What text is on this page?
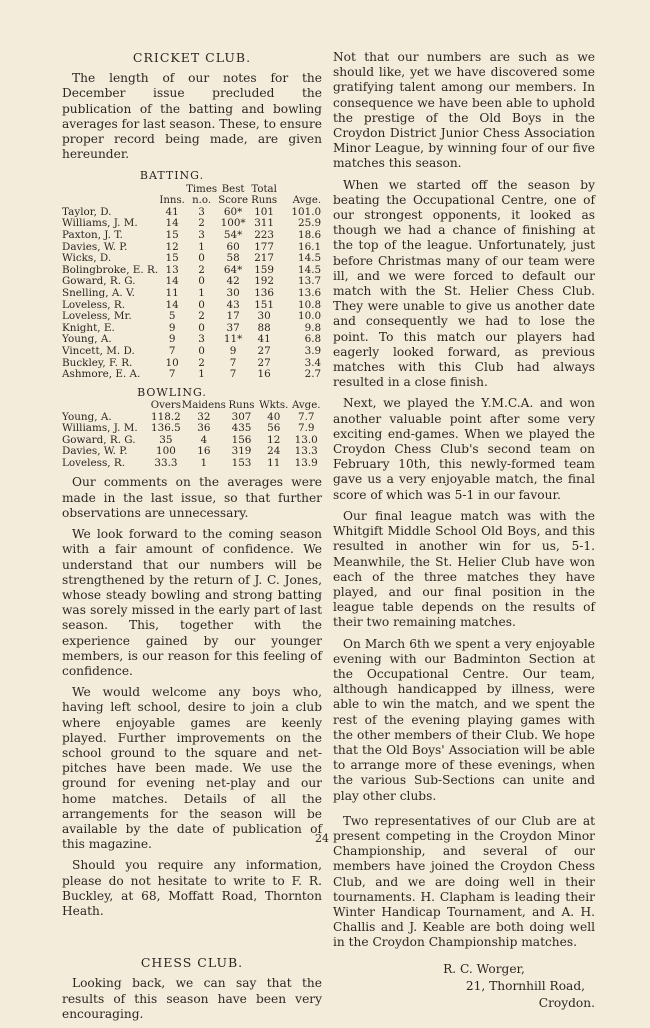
CRICKET CLUB.
The length of our notes for the December issue precluded the publication of the batting and bowling averages for last season. These, to ensure proper record being made, are given hereunder.
BATTING.
		Times	Best	Total	
	Inns.	n.o.	Score	Runs	Avge.
Taylor, D.	41	3	60*	101	101.0
Williams, J. M.	14	2	100*	311	25.9
Paxton, J. T.	15	3	54*	223	18.6
Davies, W. P.	12	1	60	177	16.1
Wicks, D.	15	0	58	217	14.5
Bolingbroke, E. R.	13	2	64*	159	14.5
Goward, R. G.	14	0	42	192	13.7
Snelling, A. V.	11	1	30	136	13.6
Loveless, R.	14	0	43	151	10.8
Loveless, Mr.	5	2	17	30	10.0
Knight, E.	9	0	37	88	9.8
Young, A.	9	3	11*	41	6.8
Vincett, M. D.	7	0	9	27	3.9
Buckley, F. R.	10	2	7	27	3.4
Ashmore, E. A.	7	1	7	16	2.7
BOWLING.
	Overs	Maidens	Runs	Wkts.	Avge.
Young, A.	118.2	32	307	40	7.7
Williams, J. M.	136.5	36	435	56	7.9
Goward, R. G.	35	4	156	12	13.0
Davies, W. P.	100	16	319	24	13.3
Loveless, R.	33.3	1	153	11	13.9
Our comments on the averages were made in the last issue, so that further observations are unnecessary.
We look forward to the coming season with a fair amount of confidence. We understand that our numbers will be strengthened by the return of J. C. Jones, whose steady bowling and strong batting was sorely missed in the early part of last season. This, together with the experience gained by our younger members, is our reason for this feeling of confidence.
We would welcome any boys who, having left school, desire to join a club where enjoyable games are keenly played. Further improvements on the school ground to the square and net-pitches have been made. We use the ground for evening net-play and our home matches. Details of all the arrangements for the season will be available by the date of publication of this magazine.
Should you require any information, please do not hesitate to write to F. R. Buckley, at 68, Moffatt Road, Thornton Heath.
CHESS CLUB.
Looking back, we can say that the results of this season have been very encouraging.
Not that our numbers are such as we should like, yet we have discovered some gratifying talent among our members. In consequence we have been able to uphold the prestige of the Old Boys in the Croydon District Junior Chess Association Minor League, by winning four of our five matches this season.
When we started off the season by beating the Occupational Centre, one of our strongest opponents, it looked as though we had a chance of finishing at the top of the league. Unfortunately, just before Christmas many of our team were ill, and we were forced to default our match with the St. Helier Chess Club. They were unable to give us another date and consequently we had to lose the point. To this match our players had eagerly looked forward, as previous matches with this Club had always resulted in a close finish.
Next, we played the Y.M.C.A. and won another valuable point after some very exciting end-games. When we played the Croydon Chess Club's second team on February 10th, this newly-formed team gave us a very enjoyable match, the final score of which was 5-1 in our favour.
Our final league match was with the Whitgift Middle School Old Boys, and this resulted in another win for us, 5-1. Meanwhile, the St. Helier Club have won each of the three matches they have played, and our final position in the league table depends on the results of their two remaining matches.
On March 6th we spent a very enjoyable evening with our Badminton Section at the Occupational Centre. Our team, although handicapped by illness, were able to win the match, and we spent the rest of the evening playing games with the other members of their Club. We hope that the Old Boys' Association will be able to arrange more of these evenings, when the various Sub-Sections can unite and play other clubs.
Two representatives of our Club are at present competing in the Croydon Minor Championship, and several of our members have joined the Croydon Chess Club, and we are doing well in their tournaments. H. Clapham is leading their Winter Handicap Tournament, and A. H. Challis and J. Keable are both doing well in the Croydon Championship matches.
R. C. Worger,
21, Thornhill Road,
Croydon.
24
